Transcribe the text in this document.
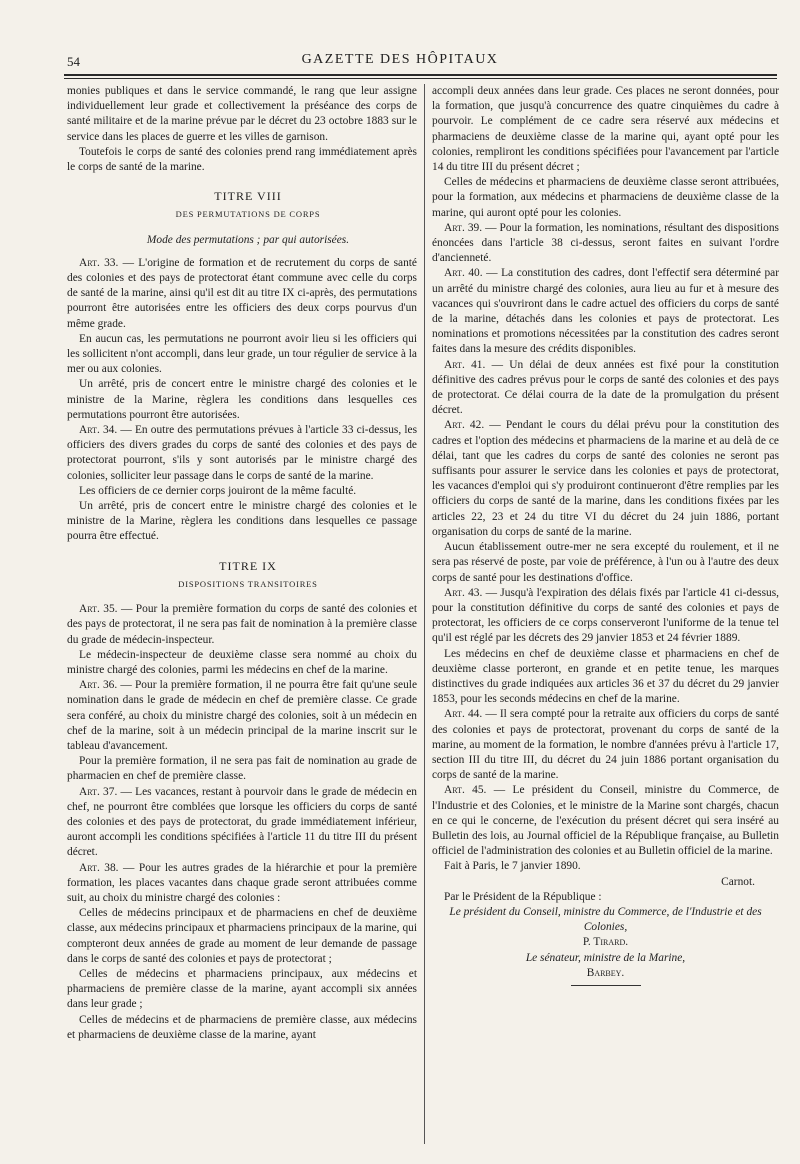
54	GAZETTE DES HÔPITAUX

monies publiques et dans le service commandé, le rang que leur assigne individuellement leur grade et collectivement la préséance des corps de santé militaire et de la marine prévue par le décret du 23 octobre 1883 sur le service dans les places de guerre et les villes de garnison.

Toutefois le corps de santé des colonies prend rang immédiatement après le corps de santé de la marine.

TITRE VIII

DES PERMUTATIONS DE CORPS

Mode des permutations ; par qui autorisées.

Art. 33. — L'origine de formation et de recrutement du corps de santé des colonies et des pays de protectorat étant commune avec celle du corps de santé de la marine, ainsi qu'il est dit au titre IX ci-après, des permutations pourront être autorisées entre les officiers des deux corps pourvus d'un même grade.

En aucun cas, les permutations ne pourront avoir lieu si les officiers qui les sollicitent n'ont accompli, dans leur grade, un tour régulier de service à la mer ou aux colonies.

Un arrêté, pris de concert entre le ministre chargé des colonies et le ministre de la Marine, règlera les conditions dans lesquelles ces permutations pourront être autorisées.

Art. 34. — En outre des permutations prévues à l'article 33 ci-dessus, les officiers des divers grades du corps de santé des colonies et des pays de protectorat pourront, s'ils y sont autorisés par le ministre chargé des colonies, solliciter leur passage dans le corps de santé de la marine.

Les officiers de ce dernier corps jouiront de la même faculté.

Un arrêté, pris de concert entre le ministre chargé des colonies et le ministre de la Marine, règlera les conditions dans lesquelles ce passage pourra être effectué.

TITRE IX

DISPOSITIONS TRANSITOIRES

Art. 35. — Pour la première formation du corps de santé des colonies et des pays de protectorat, il ne sera pas fait de nomination à la première classe du grade de médecin-inspecteur.

Le médecin-inspecteur de deuxième classe sera nommé au choix du ministre chargé des colonies, parmi les médecins en chef de la marine.

Art. 36. — Pour la première formation, il ne pourra être fait qu'une seule nomination dans le grade de médecin en chef de première classe. Ce grade sera conféré, au choix du ministre chargé des colonies, soit à un médecin en chef de la marine, soit à un médecin principal de la marine inscrit sur le tableau d'avancement.

Pour la première formation, il ne sera pas fait de nomination au grade de pharmacien en chef de première classe.

Art. 37. — Les vacances, restant à pourvoir dans le grade de médecin en chef, ne pourront être comblées que lorsque les officiers du corps de santé des colonies et des pays de protectorat, du grade immédiatement inférieur, auront accompli les conditions spécifiées à l'article 11 du titre III du présent décret.

Art. 38. — Pour les autres grades de la hiérarchie et pour la première formation, les places vacantes dans chaque grade seront attribuées comme suit, au choix du ministre chargé des colonies :

Celles de médecins principaux et de pharmaciens en chef de deuxième classe, aux médecins principaux et pharmaciens principaux de la marine, qui compteront deux années de grade au moment de leur demande de passage dans le corps de santé des colonies et pays de protectorat ;

Celles de médecins et pharmaciens principaux, aux médecins et pharmaciens de première classe de la marine, ayant accompli six années dans leur grade ;

Celles de médecins et de pharmaciens de première classe, aux médecins et pharmaciens de deuxième classe de la marine, ayant

accompli deux années dans leur grade. Ces places ne seront données, pour la formation, que jusqu'à concurrence des quatre cinquièmes du cadre à pourvoir. Le complément de ce cadre sera réservé aux médecins et pharmaciens de deuxième classe de la marine qui, ayant opté pour les colonies, rempliront les conditions spécifiées pour l'avancement par l'article 14 du titre III du présent décret ;

Celles de médecins et pharmaciens de deuxième classe seront attribuées, pour la formation, aux médecins et pharmaciens de deuxième classe de la marine, qui auront opté pour les colonies.

Art. 39. — Pour la formation, les nominations, résultant des dispositions énoncées dans l'article 38 ci-dessus, seront faites en suivant l'ordre d'ancienneté.

Art. 40. — La constitution des cadres, dont l'effectif sera déterminé par un arrêté du ministre chargé des colonies, aura lieu au fur et à mesure des vacances qui s'ouvriront dans le cadre actuel des officiers du corps de santé de la marine, détachés dans les colonies et pays de protectorat. Les nominations et promotions nécessitées par la constitution des cadres seront faites dans la mesure des crédits disponibles.

Art. 41. — Un délai de deux années est fixé pour la constitution définitive des cadres prévus pour le corps de santé des colonies et des pays de protectorat. Ce délai courra de la date de la promulgation du présent décret.

Art. 42. — Pendant le cours du délai prévu pour la constitution des cadres et l'option des médecins et pharmaciens de la marine et au delà de ce délai, tant que les cadres du corps de santé des colonies ne seront pas suffisants pour assurer le service dans les colonies et pays de protectorat, les vacances d'emploi qui s'y produiront continueront d'être remplies par les officiers du corps de santé de la marine, dans les conditions fixées par les articles 22, 23 et 24 du titre VI du décret du 24 juin 1886, portant organisation du corps de santé de la marine.

Aucun établissement outre-mer ne sera excepté du roulement, et il ne sera pas réservé de poste, par voie de préférence, à l'un ou à l'autre des deux corps de santé pour les destinations d'office.

Art. 43. — Jusqu'à l'expiration des délais fixés par l'article 41 ci-dessus, pour la constitution définitive du corps de santé des colonies et pays de protectorat, les officiers de ce corps conserveront l'uniforme de la tenue tel qu'il est réglé par les décrets des 29 janvier 1853 et 24 février 1889.

Les médecins en chef de deuxième classe et pharmaciens en chef de deuxième classe porteront, en grande et en petite tenue, les marques distinctives du grade indiquées aux articles 36 et 37 du décret du 29 janvier 1853, pour les seconds médecins en chef de la marine.

Art. 44. — Il sera compté pour la retraite aux officiers du corps de santé des colonies et pays de protectorat, provenant du corps de santé de la marine, au moment de la formation, le nombre d'années prévu à l'article 17, section III du titre III, du décret du 24 juin 1886 portant organisation du corps de santé de la marine.

Art. 45. — Le président du Conseil, ministre du Commerce, de l'Industrie et des Colonies, et le ministre de la Marine sont chargés, chacun en ce qui le concerne, de l'exécution du présent décret qui sera inséré au Bulletin des lois, au Journal officiel de la République française, au Bulletin officiel de l'administration des colonies et au Bulletin officiel de la marine.

Fait à Paris, le 7 janvier 1890.

Carnot.

Par le Président de la République :

Le président du Conseil, ministre du Commerce, de l'Industrie et des Colonies,

P. Tirard.

Le sénateur, ministre de la Marine,

Barbey.
